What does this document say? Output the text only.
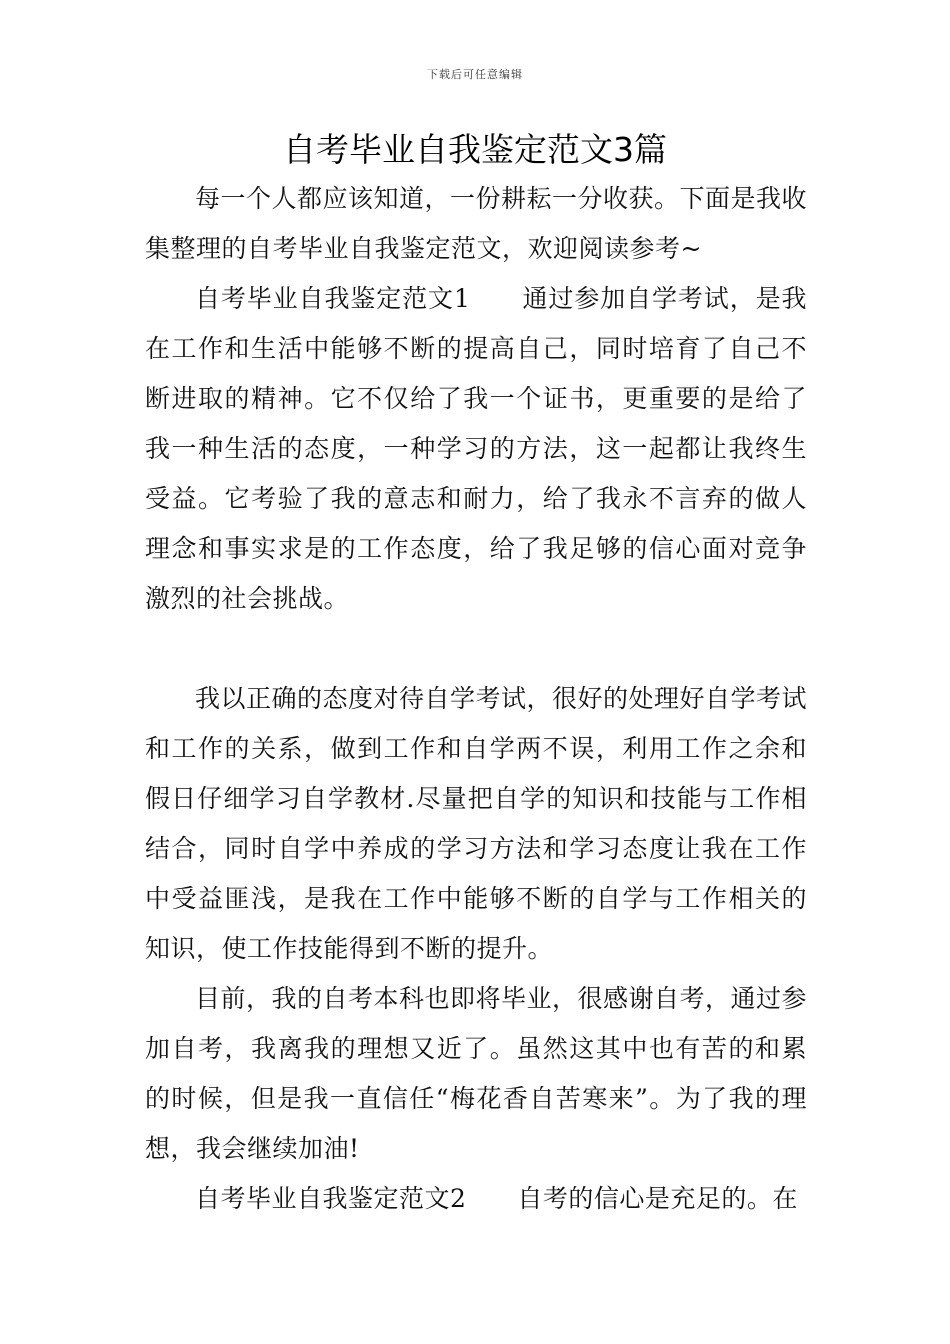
下载后可任意编辑
自考毕业自我鉴定范文3篇

每一个人都应该知道，一份耕耘一分收获。下面是我收集整理的自考毕业自我鉴定范文，欢迎阅读参考~

自考毕业自我鉴定范文1　　通过参加自学考试，是我在工作和生活中能够不断的提高自己，同时培育了自己不断进取的精神。它不仅给了我一个证书，更重要的是给了我一种生活的态度，一种学习的方法，这一起都让我终生受益。它考验了我的意志和耐力，给了我永不言弃的做人理念和事实求是的工作态度，给了我足够的信心面对竞争激烈的社会挑战。

我以正确的态度对待自学考试，很好的处理好自学考试和工作的关系，做到工作和自学两不误，利用工作之余和假日仔细学习自学教材.尽量把自学的知识和技能与工作相结合，同时自学中养成的学习方法和学习态度让我在工作中受益匪浅，是我在工作中能够不断的自学与工作相关的知识，使工作技能得到不断的提升。

目前，我的自考本科也即将毕业，很感谢自考，通过参加自考，我离我的理想又近了。虽然这其中也有苦的和累的时候，但是我一直信任“梅花香自苦寒来”。为了我的理想，我会继续加油!

自考毕业自我鉴定范文2　　自考的信心是充足的。在
